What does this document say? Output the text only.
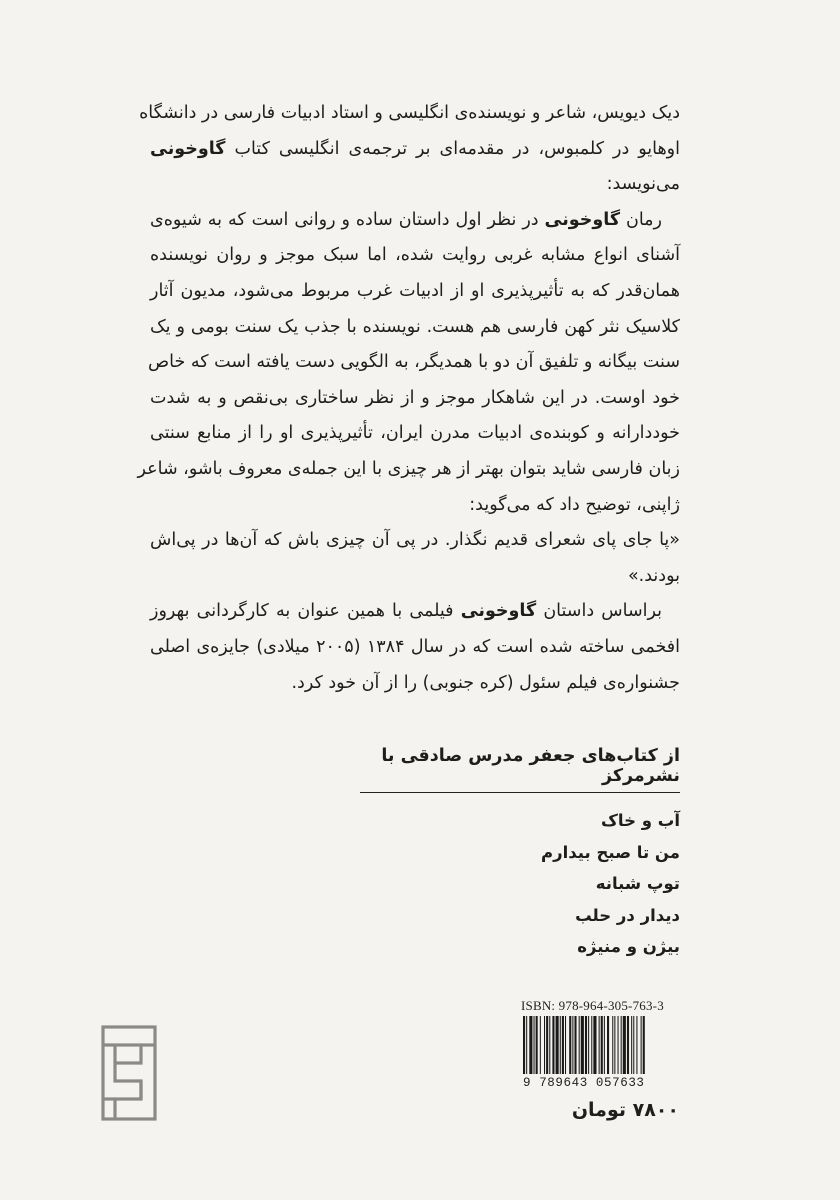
دیک دیویس، شاعر و نویسنده‌ی انگلیسی و استاد ادبیات فارسی در دانشگاه
اوهایو در کلمبوس، در مقدمه‌ای بر ترجمه‌ی انگلیسی کتاب گاوخونی
می‌نویسد:
رمان گاوخونی در نظر اول داستان ساده و روانی است که به شیوه‌ی
آشنای انواع مشابه غربی روایت شده، اما سبک موجز و روان نویسنده
همان‌قدر که به تأثیرپذیری او از ادبیات غرب مربوط می‌شود، مدیون آثار
کلاسیک نثر کهن فارسی هم هست. نویسنده با جذب یک سنت بومی و یک
سنت بیگانه و تلفیق آن دو با همدیگر، به الگویی دست یافته است که خاص
خود اوست. در این شاهکار موجز و از نظر ساختاری بی‌نقص و به شدت
خوددارانه و کوبنده‌ی ادبیات مدرن ایران، تأثیرپذیری او را از منابع سنتی
زبان فارسی شاید بتوان بهتر از هر چیزی با این جمله‌ی معروف باشو، شاعر
ژاپنی، توضیح داد که می‌گوید:
«پا جای پای شعرای قدیم نگذار. در پی آن چیزی باش که آن‌ها در پی‌اش
بودند.»
براساس داستان گاوخونی فیلمی با همین عنوان به کارگردانی بهروز
افخمی ساخته شده است که در سال ۱۳۸۴ (۲۰۰۵ میلادی) جایزه‌ی اصلی
جشنواره‌ی فیلم سئول (کره جنوبی) را از آن خود کرد.
از کتاب‌های جعفر مدرس صادقی با نشرمرکز
آب و خاک
من تا صبح بیدارم
توپ شبانه
دیدار در حلب
بیژن و منیژه
ISBN: 978-964-305-763-3
9 789643 057633
۷۸۰۰ تومان
